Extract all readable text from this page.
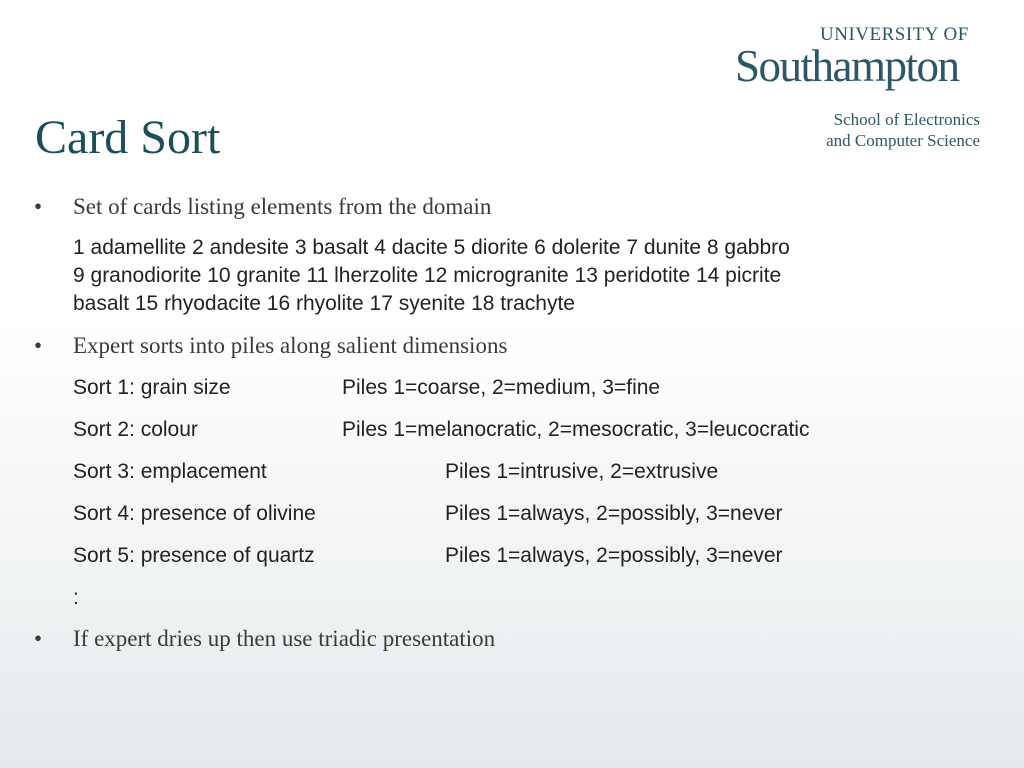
UNIVERSITY OF
Southampton
School of Electronics
and Computer Science
Card Sort
• Set of cards listing elements from the domain
1 adamellite 2 andesite 3 basalt 4 dacite 5 diorite 6 dolerite 7 dunite 8 gabbro
9 granodiorite 10 granite 11 lherzolite 12 microgranite 13 peridotite 14 picrite
basalt 15 rhyodacite 16 rhyolite 17 syenite 18 trachyte
• Expert sorts into piles along salient dimensions
Sort 1: grain size	Piles 1=coarse, 2=medium, 3=fine
Sort 2: colour	Piles 1=melanocratic, 2=mesocratic, 3=leucocratic
Sort 3: emplacement	Piles 1=intrusive, 2=extrusive
Sort 4: presence of olivine	Piles 1=always, 2=possibly, 3=never
Sort 5: presence of quartz	Piles 1=always, 2=possibly, 3=never
:
• If expert dries up then use triadic presentation
